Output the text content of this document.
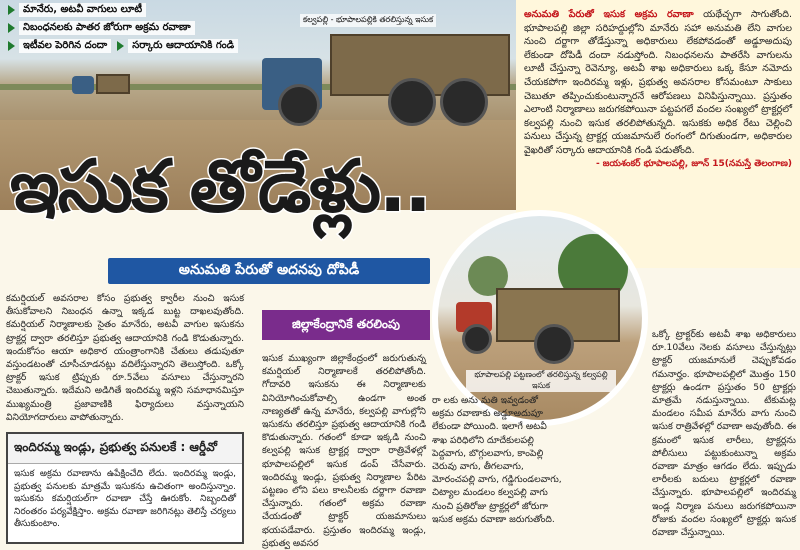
మానేరు, అటవీ వాగులు లూటీ
నిబంధనలకు పాతర జోరుగా అక్రమ రవాణా
ఇటీవల పెరిగిన దందా	సర్కారు ఆదాయానికి గండి
కల్వపల్లి - భూపాలపల్లికి తరలిస్తున్న ఇసుక
ఇసుక తోడేళ్లు..
అనుమతి పేరుతో అదనపు దోపిడీ
అనుమతి పేరుతో ఇసుక అక్రమ రవాణా యథేచ్ఛగా సాగుతోంది. భూపాలపల్లి జిల్లా సరిహద్దుల్లోని మానేరు సహా అనుమతి లేని వాగుల నుంచి దర్జాగా తోడేస్తున్నా అధికారులు లేకపోవడంతో అడ్డూఅదుపు లేకుండా దోపిడీ దందా నడుస్తోంది. నిబంధనలను పాతరేసి వాగులను లూటీ చేస్తున్నా రెవెన్యూ, అటవీ శాఖ అధికారులు ఒక్క కేసూ నమోదు చేయకపోగా ఇందిరమ్మ ఇళ్లు, ప్రభుత్వ అవసరాల కోసమంటూ సాకులు చెబుతూ తప్పించుకుంటున్నారనే ఆరోపణలు వినిపిస్తున్నాయి. ప్రస్తుతం ఎలాంటి నిర్మాణాలు జరుగకపోయినా పట్టపగలే వందల సంఖ్యలో ట్రాక్టర్లలో కల్వపల్లి నుంచి ఇసుక తరలిపోతున్నది. ఇసుకకు అధిక రేటు చెల్లించి పనులు చేస్తున్న ట్రాక్టర్ల యజమానులే రంగంలో దిగుతుండగా, అధికారుల వైఖరితో సర్కారు ఆదాయానికి గండి పడుతోంది.
- జయశంకర్ భూపాలపల్లి, జూన్ 15(నమస్తే తెలంగాణ)
కమర్షియల్ అవసరాల కోసం ప్రభుత్వ క్వారీల నుంచి ఇసుక తీసుకోవాలని నిబంధన ఉన్నా ఇక్కడ బుట్ట దాఖలవుతోంది. కమర్షియల్ నిర్మాణాలకు సైతం మానేరు, అటవీ వాగుల ఇసుకను ట్రాక్టర్ల ద్వారా తరలిస్తూ ప్రభుత్వ ఆదాయానికి గండి కొడుతున్నారు. ఇందుకోసం ఆయా అధికార యంత్రాంగానికి చేతులు తడుపుతూ వస్తుండటంతో చూసీచూడనట్లు వదిలేస్తున్నారని తెలుస్తోంది. ఒక్కో ట్రాక్టర్ ఇసుక ట్రిప్పుకు రూ.5వేలు వసూలు చేస్తున్నారని చెబుతున్నారు. ఇదేమని అడిగితే ఇందిరమ్మ ఇళ్లని సమాధానమిస్తూ ముఖ్యమంత్రి ప్రజావాణికి ఫిర్యాదులు వస్తున్నాయని వినియోగదారులు వాపోతున్నారు.
ఇందిరమ్మ ఇండ్లు, ప్రభుత్వ పనులకే : ఆర్డీవో
ఇసుక అక్రమ రవాణాను ఉపేక్షించేది లేదు. ఇందిరమ్మ ఇండ్లు, ప్రభుత్వ పనులకు మాత్రమే ఇసుకను ఉచితంగా అందిస్తున్నాం. ఇసుకను కమర్షియల్‌గా రవాణా చేస్తే ఊరుకోం. నిబ్బందితో నిరంతరం పర్యవేక్షిస్తాం. అక్రమ రవాణా జరిగినట్లు తెలిస్తే చర్యలు తీసుకుంటాం.
జిల్లాకేంద్రానికే తరలింపు
ఇసుక ముఖ్యంగా జిల్లాకేంద్రంలో జరుగుతున్న కమర్షియల్ నిర్మాణాలకే తరలిపోతోంది. గోదావరి ఇసుకను ఈ నిర్మాణాలకు వినియోగించుకోవాల్సి ఉండగా అంత నాణ్యతతో ఉన్న మానేరు, కల్వపల్లి వాగుల్లోని ఇసుకను తరలిస్తూ ప్రభుత్వ ఆదాయానికి గండి కొడుతున్నారు. గతంలో కూడా ఇక్కడి నుంచి కల్వపల్లి ఇసుక ట్రాక్టర్ల ద్వారా రాత్రివేళల్లో భూపాలపల్లిలో ఇసుక డంప్ చేసేవారు. ఇందిరమ్మ ఇండ్లు, ప్రభుత్వ నిర్మాణాల పేరిట పట్టణం లోని పలు కాలనీలకు దర్జాగా రవాణా చేస్తున్నారు. గతంలో అక్రమ రవాణా చేయడంతో ట్రాక్టర్ యజమానులు భయపడేవారు. ప్రస్తుతం ఇందిరమ్మ ఇండ్లు, ప్రభుత్వ అవసర
భూపాలపల్లి పట్టణంలో తరలిస్తున్న కల్వపల్లి ఇసుక
రా లకు అను మతి ఇవ్వడంతో అక్రమ రవాణాకు అడ్డూఅదుపూ లేకుండా పోయింది. ఇలాగే అటవీ శాఖ పరిధిలోని దూదేకులపల్లి పెద్దవాగు, బొగ్గులవాగు, కాంపెల్లి చెరువు వాగు, తీగలవాగు, మోరంచపల్లి వాగు, గడ్డిగుండలవాగు, చిట్యాల మండలం కల్వపల్లి వాగు నుంచి ప్రతిరోజు ట్రాక్టర్లలో జోరుగా ఇసుక అక్రమ రవాణా జరుగుతోంది.
ఒక్కో ట్రాక్టర్‌కు అటవీ శాఖ అధికారులు రూ.10వేలు నెలకు వసూలు చేస్తున్నట్లు ట్రాక్టర్ యజమానులే చెప్పుకోవడం గమనార్హం. భూపాలపల్లిలో మొత్తం 150 ట్రాక్టర్లు ఉండగా ప్రస్తుతం 50 ట్రాక్టర్లు మాత్రమే నడుస్తున్నాయి. టేకుమట్ల మండలం సమీప మానేరు వాగు నుంచి ఇసుక రాత్రివేళల్లో రవాణా అవుతోంది. ఈ క్రమంలో ఇసుక లారీలు, ట్రాక్టర్లను పోలీసులు పట్టుకుంటున్నా అక్రమ రవాణా మాత్రం ఆగడం లేదు. ఇప్పుడు లారీలకు బదులు ట్రాక్టర్లలో రవాణా చేస్తున్నారు. భూపాలపల్లిలో ఇందిరమ్మ ఇండ్ల నిర్మాణ పనులు జరుగకపోయినా రోజుకు వందల సంఖ్యలో ట్రాక్టర్లు ఇసుక రవాణా చేస్తున్నాయి.
